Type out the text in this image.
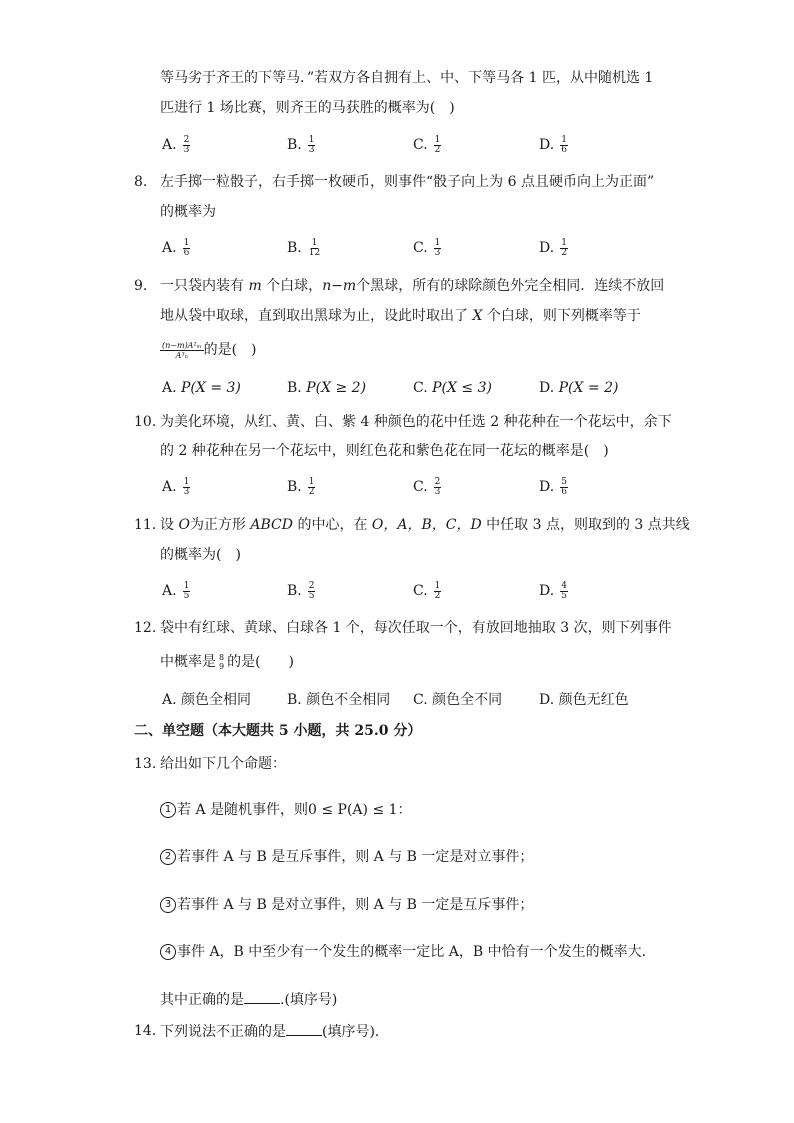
等马劣于齐王的下等马．”若双方各自拥有上、中、下等马各 1 匹，从中随机选 1
匹进行 1 场比赛，则齐王的马获胜的概率为(　)
A. $\frac{2}{3}$	B. $\frac{1}{3}$	C. $\frac{1}{2}$	D. $\frac{1}{6}$
8. 左手掷一粒骰子，右手掷一枚硬币，则事件“骰子向上为 6 点且硬币向上为正面”
的概率为
A. $\frac{1}{6}$	B. $\frac{1}{12}$	C. $\frac{1}{3}$	D. $\frac{1}{2}$
9. 一只袋内装有 m 个白球，n−m个黑球，所有的球除颜色外完全相同．连续不放回
地从袋中取球，直到取出黑球为止，设此时取出了 X 个白球，则下列概率等于
$\frac{\text{(n−m)A²ₘ}}{\text{A³ₙ}}$ 的是(　)
A. P(X = 3)	B. P(X ≥ 2)	C. P(X ≤ 3)	D. P(X = 2)
10. 为美化环境，从红、黄、白、紫 4 种颜色的花中任选 2 种花种在一个花坛中，余下
的 2 种花种在另一个花坛中，则红色花和紫色花在同一花坛的概率是(　)
A. $\frac{1}{3}$	B. $\frac{1}{2}$	C. $\frac{2}{3}$	D. $\frac{5}{6}$
11. 设 O为正方形 ABCD 的中心，在 O，A，B，C，D 中任取 3 点，则取到的 3 点共线
的概率为(　)
A. $\frac{1}{5}$	B. $\frac{2}{5}$	C. $\frac{1}{2}$	D. $\frac{4}{5}$
12. 袋中有红球、黄球、白球各 1 个，每次任取一个，有放回地抽取 3 次，则下列事件
中概率是 8
9 的是(　　)
A. 颜色全相同	B. 颜色不全相同 C. 颜色全不同	D. 颜色无红色
二、单空题（本大题共 5 小题，共 25.0 分）
13. 给出如下几个命题：
1 若 A 是随机事件，则0 ≤ P(A) ≤ 1：
2 若事件 A 与 B 是互斥事件，则 A 与 B 一定是对立事件；
3 若事件 A 与 B 是对立事件，则 A 与 B 一定是互斥事件；
4 事件 A，B 中至少有一个发生的概率一定比 A，B 中恰有一个发生的概率大．
其中正确的是	.(填序号)
14. 下列说法不正确的是	(填序号)．
